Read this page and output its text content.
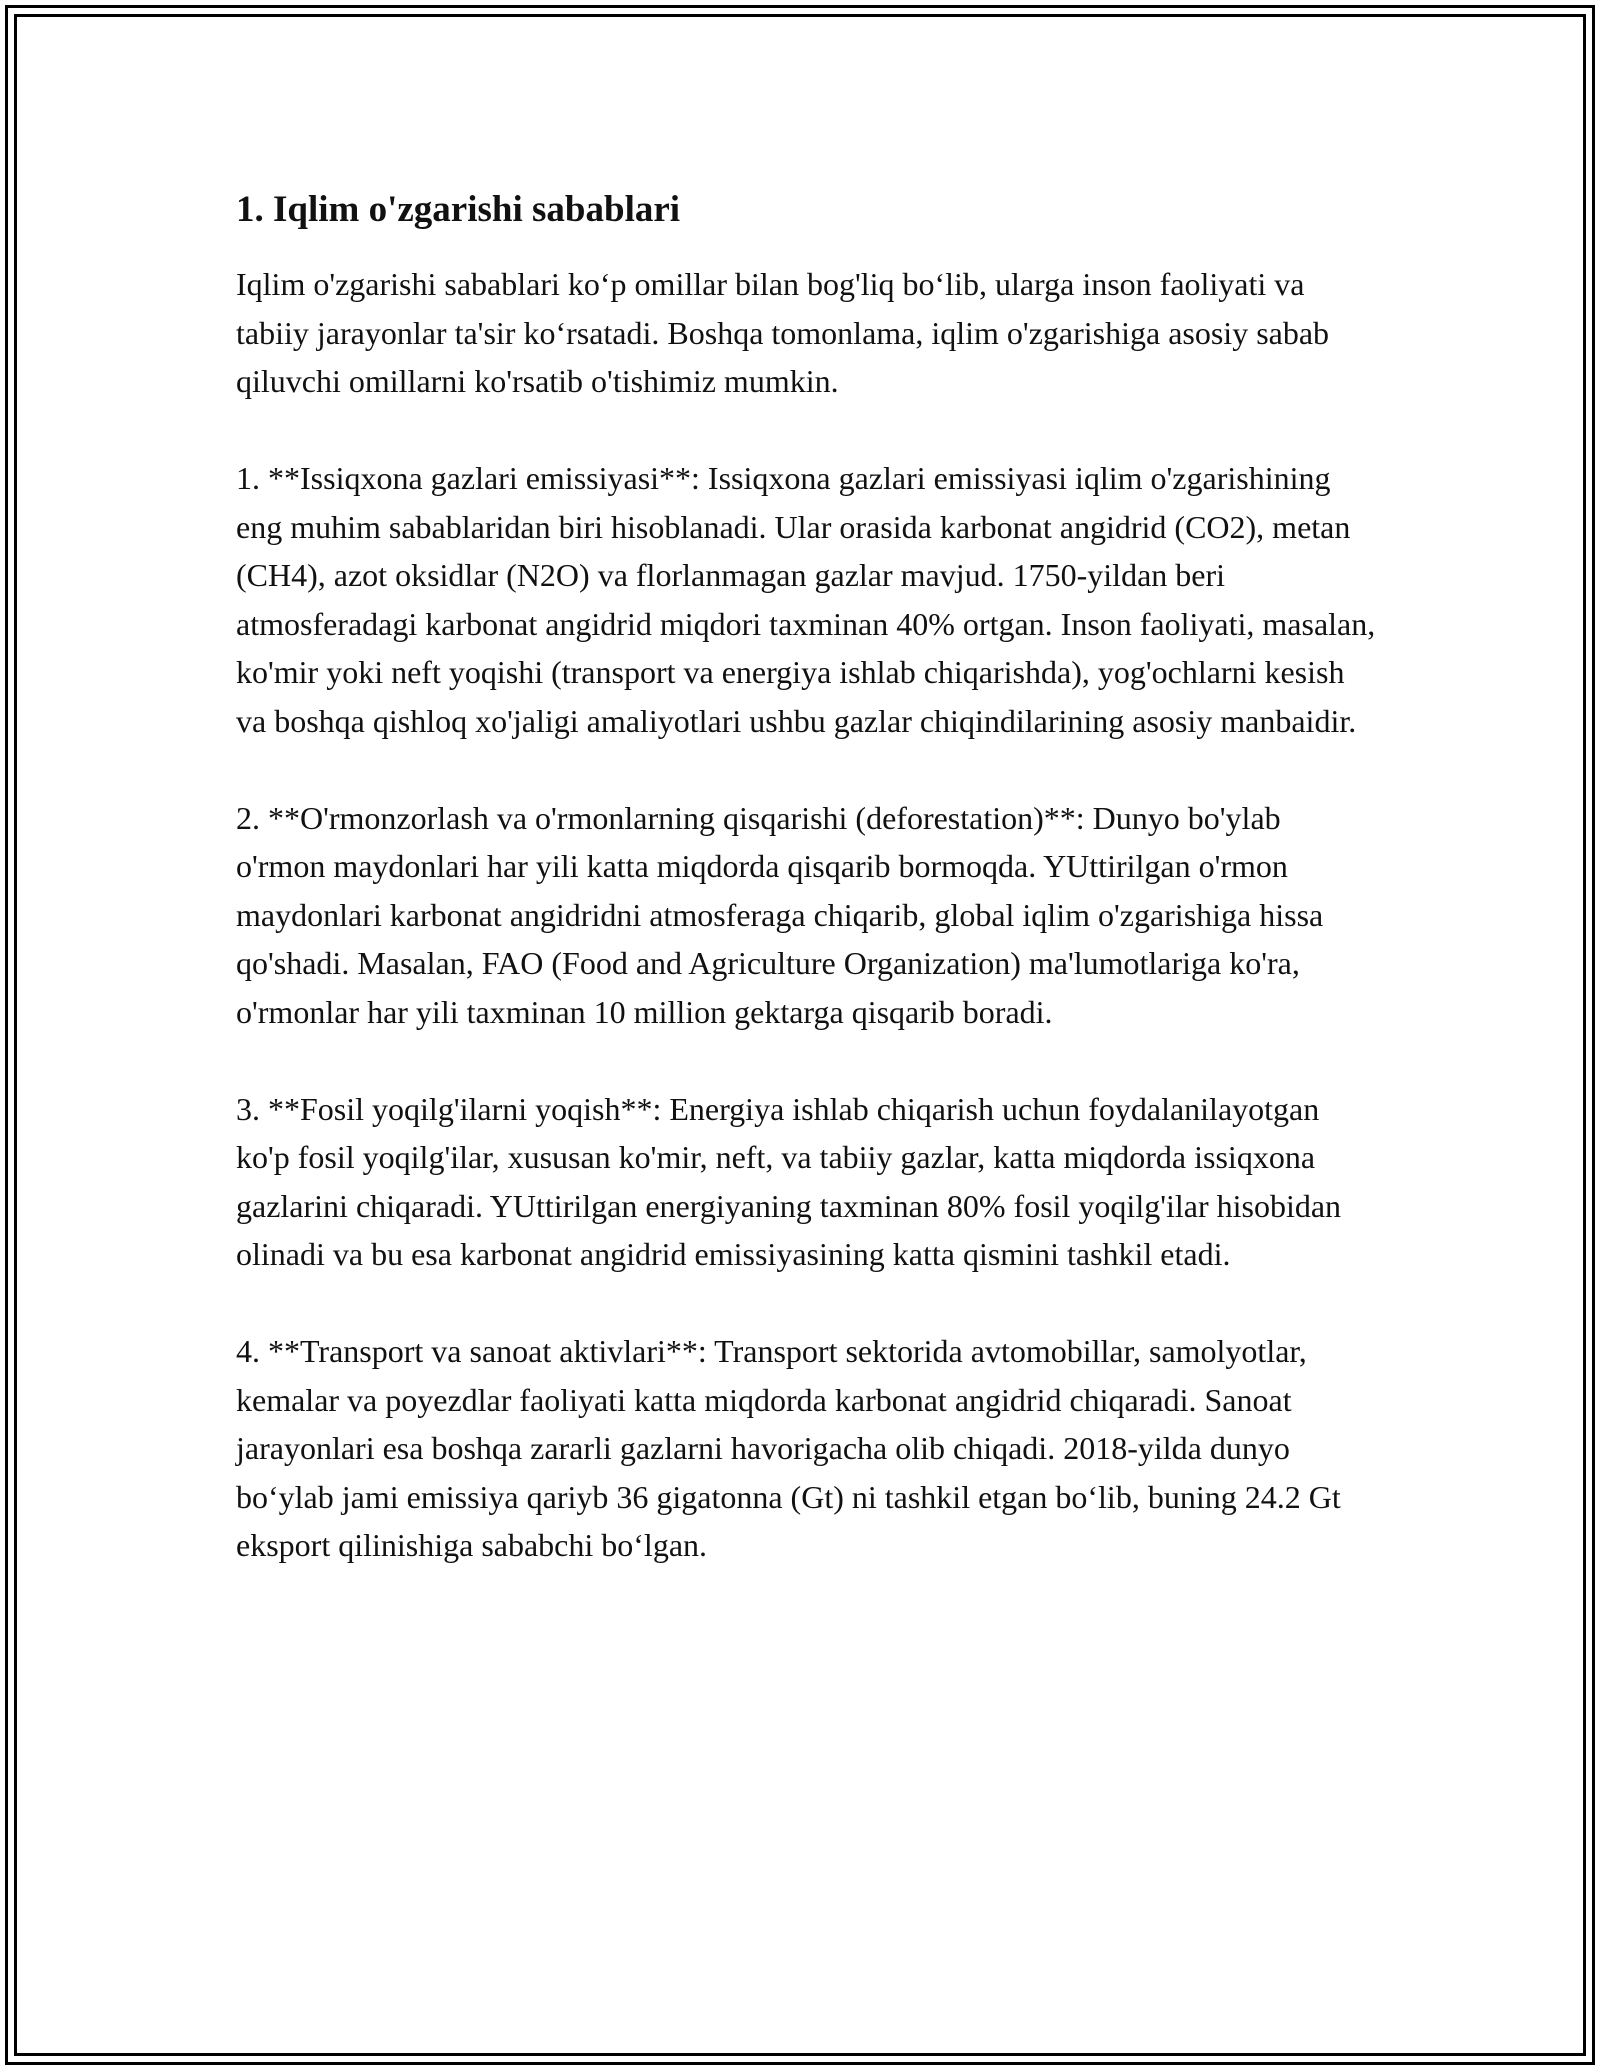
1. Iqlim o'zgarishi sabablari

Iqlim o'zgarishi sabablari ko‘p omillar bilan bog'liq bo‘lib, ularga inson faoliyati va tabiiy jarayonlar ta'sir ko‘rsatadi. Boshqa tomonlama, iqlim o'zgarishiga asosiy sabab qiluvchi omillarni ko'rsatib o'tishimiz mumkin.

1. **Issiqxona gazlari emissiyasi**: Issiqxona gazlari emissiyasi iqlim o'zgarishining eng muhim sabablaridan biri hisoblanadi. Ular orasida karbonat angidrid (CO2), metan (CH4), azot oksidlar (N2O) va florlanmagan gazlar mavjud. 1750-yildan beri atmosferadagi karbonat angidrid miqdori taxminan 40% ortgan. Inson faoliyati, masalan, ko'mir yoki neft yoqishi (transport va energiya ishlab chiqarishda), yog'ochlarni kesish va boshqa qishloq xo'jaligi amaliyotlari ushbu gazlar chiqindilarining asosiy manbaidir.

2. **O'rmonzorlash va o'rmonlarning qisqarishi (deforestation)**: Dunyo bo'ylab o'rmon maydonlari har yili katta miqdorda qisqarib bormoqda. YUttirilgan o'rmon maydonlari karbonat angidridni atmosferaga chiqarib, global iqlim o'zgarishiga hissa qo'shadi. Masalan, FAO (Food and Agriculture Organization) ma'lumotlariga ko'ra, o'rmonlar har yili taxminan 10 million gektarga qisqarib boradi.

3. **Fosil yoqilg'ilarni yoqish**: Energiya ishlab chiqarish uchun foydalanilayotgan ko'p fosil yoqilg'ilar, xususan ko'mir, neft, va tabiiy gazlar, katta miqdorda issiqxona gazlarini chiqaradi. YUttirilgan energiyaning taxminan 80% fosil yoqilg'ilar hisobidan olinadi va bu esa karbonat angidrid emissiyasining katta qismini tashkil etadi.

4. **Transport va sanoat aktivlari**: Transport sektorida avtomobillar, samolyotlar, kemalar va poyezdlar faoliyati katta miqdorda karbonat angidrid chiqaradi. Sanoat jarayonlari esa boshqa zararli gazlarni havorigacha olib chiqadi. 2018-yilda dunyo bo‘ylab jami emissiya qariyb 36 gigatonna (Gt) ni tashkil etgan bo‘lib, buning 24.2 Gt eksport qilinishiga sababchi bo‘lgan.
